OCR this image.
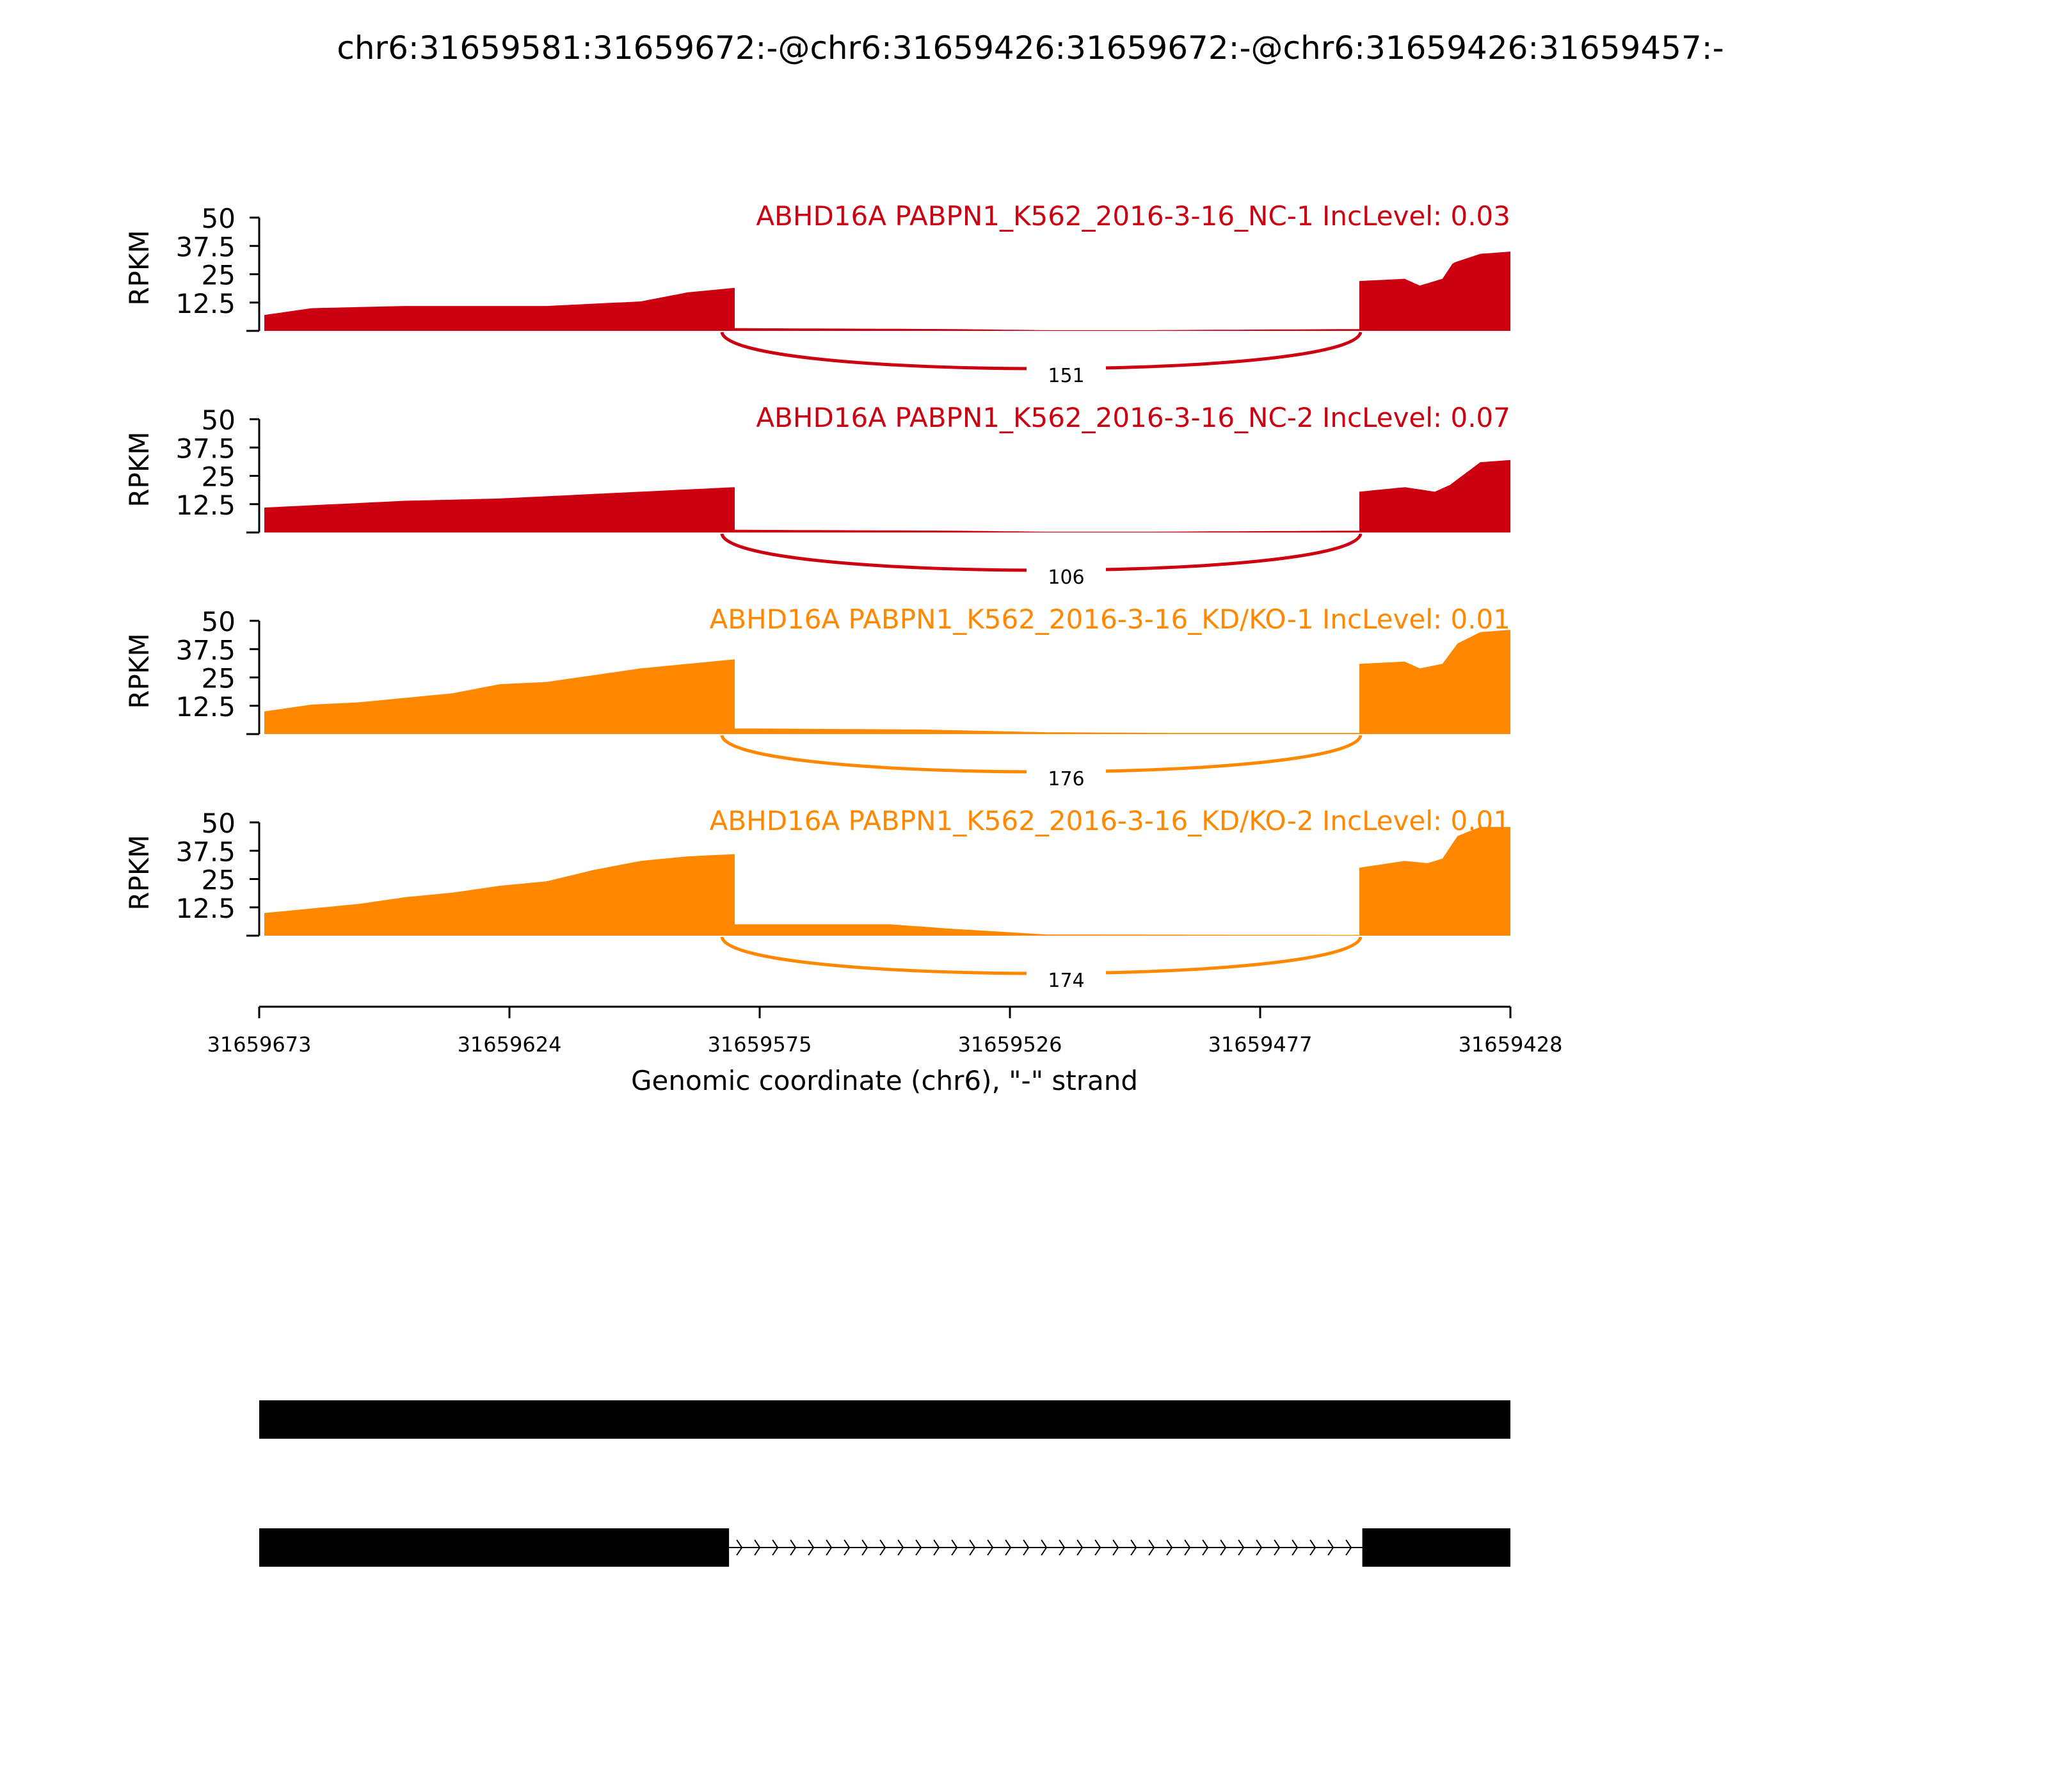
chr6:31659581:31659672:-@chr6:31659426:31659672:-@chr6:31659426:31659457:-
12.5
25
37.5
50
RPKM
ABHD16A PABPN1_K562_2016-3-16_NC-1 IncLevel: 0.03
151
12.5
25
37.5
50
RPKM
ABHD16A PABPN1_K562_2016-3-16_NC-2 IncLevel: 0.07
106
12.5
25
37.5
50
RPKM
ABHD16A PABPN1_K562_2016-3-16_KD/KO-1 IncLevel: 0.01
176
12.5
25
37.5
50
RPKM
ABHD16A PABPN1_K562_2016-3-16_KD/KO-2 IncLevel: 0.01
174
31659673	31659624	31659575	31659526	31659477	31659428
Genomic coordinate (chr6), "-" strand
